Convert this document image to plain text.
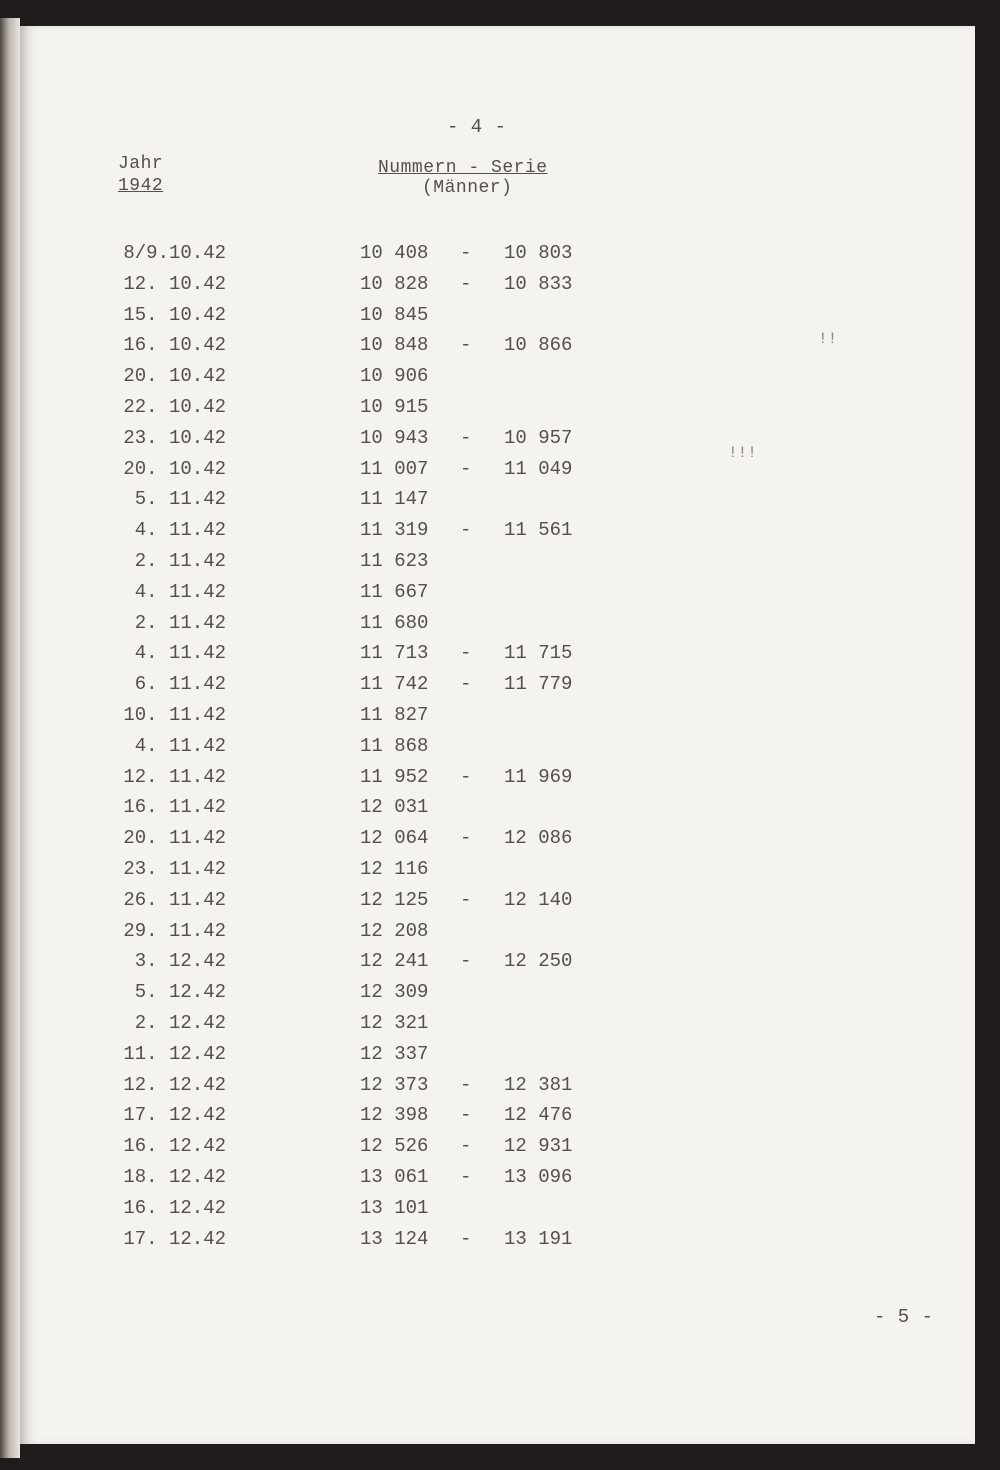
- 4 -
Jahr
1942
Nummern - Serie
(Männer)
8/9.10.42	10 408 - 10 803
12. 10.42	10 828 - 10 833
15. 10.42	10 845
16. 10.42	10 848 - 10 866
20. 10.42	10 906
22. 10.42	10 915
23. 10.42	10 943 - 10 957
20. 10.42	11 007 - 11 049
5. 11.42	11 147
4. 11.42	11 319 - 11 561
2. 11.42	11 623
4. 11.42	11 667
2. 11.42	11 680
4. 11.42	11 713 - 11 715
6. 11.42	11 742 - 11 779
10. 11.42	11 827
4. 11.42	11 868
12. 11.42	11 952 - 11 969
16. 11.42	12 031
20. 11.42	12 064 - 12 086
23. 11.42	12 116
26. 11.42	12 125 - 12 140
29. 11.42	12 208
3. 12.42	12 241 - 12 250
5. 12.42	12 309
2. 12.42	12 321
11. 12.42	12 337
12. 12.42	12 373 - 12 381
17. 12.42	12 398 - 12 476
16. 12.42	12 526 - 12 931
18. 12.42	13 061 - 13 096
16. 12.42	13 101
17. 12.42	13 124 - 13 191
!!
!!!
- 5 -
